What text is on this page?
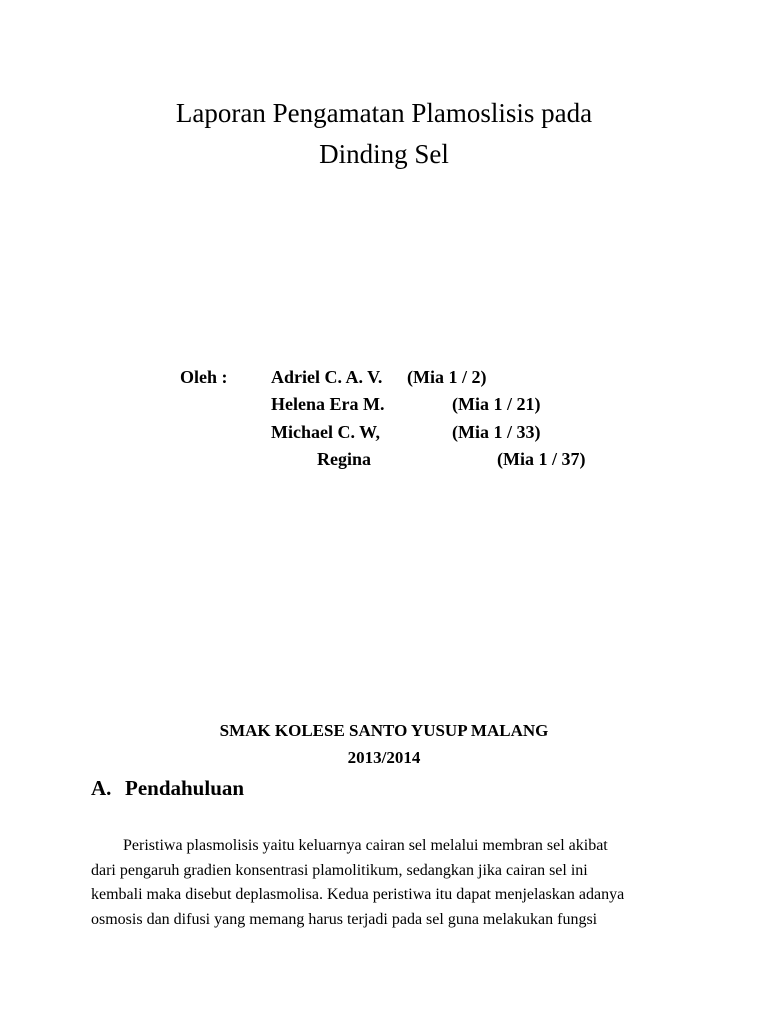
Laporan Pengamatan Plamoslisis pada
Dinding Sel
Oleh : Adriel C. A. V. (Mia 1 / 2)
Helena Era M.	(Mia 1 / 21)
Michael C. W,	(Mia 1 / 33)
Regina	(Mia 1 / 37)
SMAK KOLESE SANTO YUSUP MALANG
2013/2014
A. Pendahuluan
Peristiwa plasmolisis yaitu keluarnya cairan sel melalui membran sel akibat
dari pengaruh gradien konsentrasi plamolitikum, sedangkan jika cairan sel ini
kembali maka disebut deplasmolisa. Kedua peristiwa itu dapat menjelaskan adanya
osmosis dan difusi yang memang harus terjadi pada sel guna melakukan fungsi
